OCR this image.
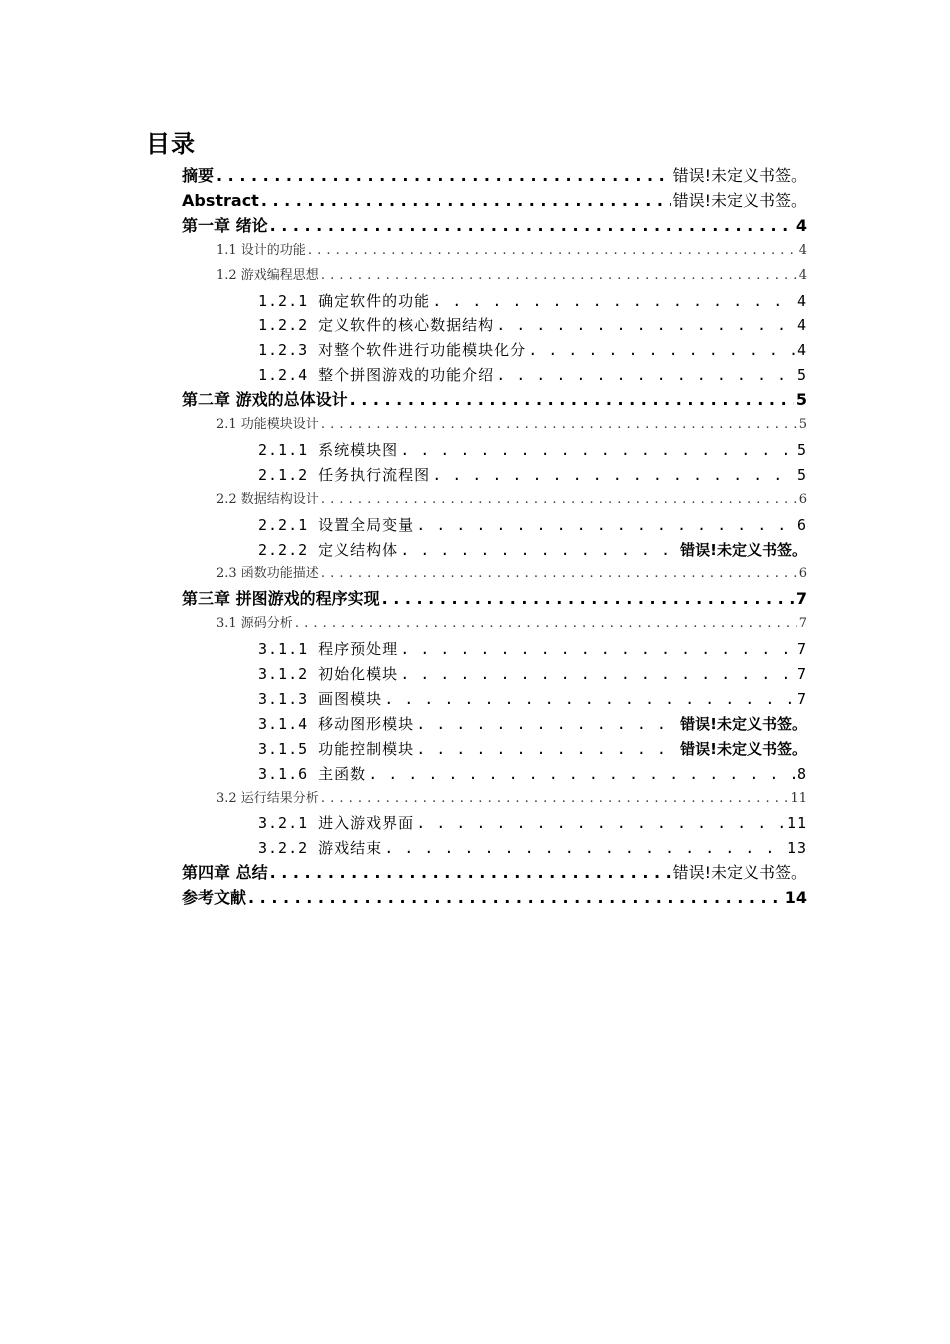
目录
摘要 . . .	错误!未定义书签。
Abstract . . .	错误!未定义书签。
第一章 绪论 . . .	4
1.1 设计的功能 . . .	4
1.2 游戏编程思想 . . .	4
1.2.1 确定软件的功能 . . .	4
1.2.2 定义软件的核心数据结构 . . .	4
1.2.3 对整个软件进行功能模块化分 . . .	4
1.2.4 整个拼图游戏的功能介绍 . . .	5
第二章 游戏的总体设计 . . .	5
2.1 功能模块设计 . . .	5
2.1.1 系统模块图 . . .	5
2.1.2 任务执行流程图 . . .	5
2.2 数据结构设计 . . .	6
2.2.1 设置全局变量 . . .	6
2.2.2 定义结构体 . . .	错误!未定义书签。
2.3 函数功能描述 . . .	6
第三章 拼图游戏的程序实现 . . .	7
3.1 源码分析 . . .	7
3.1.1 程序预处理 . . .	7
3.1.2 初始化模块 . . .	7
3.1.3 画图模块 . . .	7
3.1.4 移动图形模块 . . .	错误!未定义书签。
3.1.5 功能控制模块 . . .	错误!未定义书签。
3.1.6 主函数 . . .	8
3.2 运行结果分析 . . .	11
3.2.1 进入游戏界面 . . .	11
3.2.2 游戏结束 . . .	13
第四章 总结 . . .	错误!未定义书签。
参考文献 . . .	14
